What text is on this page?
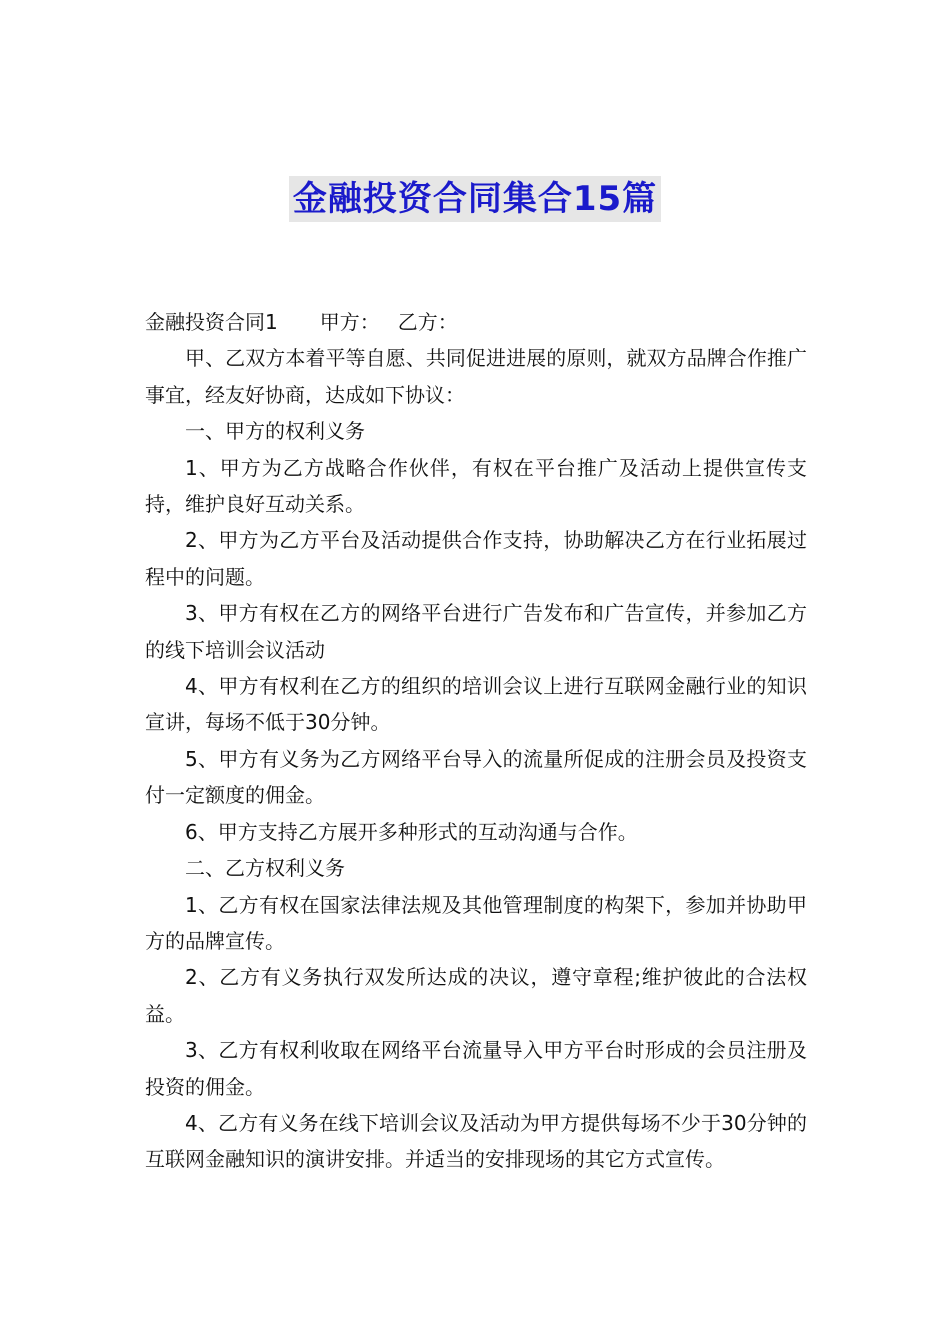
金融投资合同集合15篇

金融投资合同1 甲方： 乙方：

甲、乙双方本着平等自愿、共同促进进展的原则，就双方品牌合作推广事宜，经友好协商，达成如下协议：

一、甲方的权利义务

1、甲方为乙方战略合作伙伴，有权在平台推广及活动上提供宣传支持，维护良好互动关系。

2、甲方为乙方平台及活动提供合作支持，协助解决乙方在行业拓展过程中的问题。

3、甲方有权在乙方的网络平台进行广告发布和广告宣传，并参加乙方的线下培训会议活动

4、甲方有权利在乙方的组织的培训会议上进行互联网金融行业的知识宣讲，每场不低于30分钟。

5、甲方有义务为乙方网络平台导入的流量所促成的注册会员及投资支付一定额度的佣金。

6、甲方支持乙方展开多种形式的互动沟通与合作。

二、乙方权利义务

1、乙方有权在国家法律法规及其他管理制度的构架下，参加并协助甲方的品牌宣传。

2、乙方有义务执行双发所达成的决议，遵守章程;维护彼此的合法权益。

3、乙方有权利收取在网络平台流量导入甲方平台时形成的会员注册及投资的佣金。

4、乙方有义务在线下培训会议及活动为甲方提供每场不少于30分钟的互联网金融知识的演讲安排。并适当的安排现场的其它方式宣传。
